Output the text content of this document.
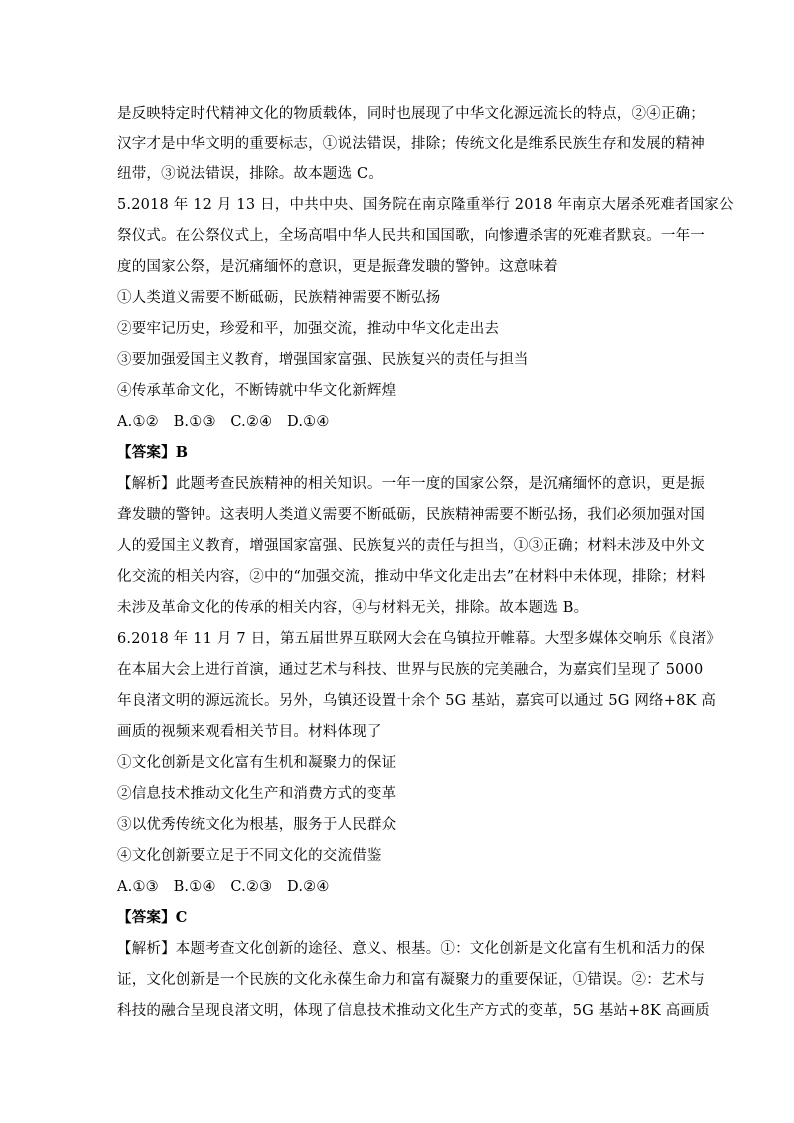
是反映特定时代精神文化的物质载体，同时也展现了中华文化源远流长的特点，②④正确；
汉字才是中华文明的重要标志，①说法错误，排除；传统文化是维系民族生存和发展的精神
纽带，③说法错误，排除。故本题选 C。
5.2018 年 12 月 13 日，中共中央、国务院在南京隆重举行 2018 年南京大屠杀死难者国家公
祭仪式。在公祭仪式上，全场高唱中华人民共和国国歌，向惨遭杀害的死难者默哀。一年一
度的国家公祭，是沉痛缅怀的意识，更是振聋发聩的警钟。这意味着
①人类道义需要不断砥砺，民族精神需要不断弘扬
②要牢记历史，珍爱和平，加强交流，推动中华文化走出去
③要加强爱国主义教育，增强国家富强、民族复兴的责任与担当
④传承革命文化，不断铸就中华文化新辉煌
A.①②　B.①③　C.②④　D.①④
【答案】B
【解析】此题考查民族精神的相关知识。一年一度的国家公祭，是沉痛缅怀的意识，更是振
聋发聩的警钟。这表明人类道义需要不断砥砺，民族精神需要不断弘扬，我们必须加强对国
人的爱国主义教育，增强国家富强、民族复兴的责任与担当，①③正确；材料未涉及中外文
化交流的相关内容，②中的“加强交流，推动中华文化走出去”在材料中未体现，排除；材料
未涉及革命文化的传承的相关内容，④与材料无关，排除。故本题选 B。
6.2018 年 11 月 7 日，第五届世界互联网大会在乌镇拉开帷幕。大型多媒体交响乐《良渚》
在本届大会上进行首演，通过艺术与科技、世界与民族的完美融合，为嘉宾们呈现了 5000
年良渚文明的源远流长。另外，乌镇还设置十余个 5G 基站，嘉宾可以通过 5G 网络+8K 高
画质的视频来观看相关节目。材料体现了
①文化创新是文化富有生机和凝聚力的保证
②信息技术推动文化生产和消费方式的变革
③以优秀传统文化为根基，服务于人民群众
④文化创新要立足于不同文化的交流借鉴
A.①③　B.①④　C.②③　D.②④
【答案】C
【解析】本题考查文化创新的途径、意义、根基。①：文化创新是文化富有生机和活力的保
证，文化创新是一个民族的文化永葆生命力和富有凝聚力的重要保证，①错误。②：艺术与
科技的融合呈现良渚文明，体现了信息技术推动文化生产方式的变革，5G 基站+8K 高画质
